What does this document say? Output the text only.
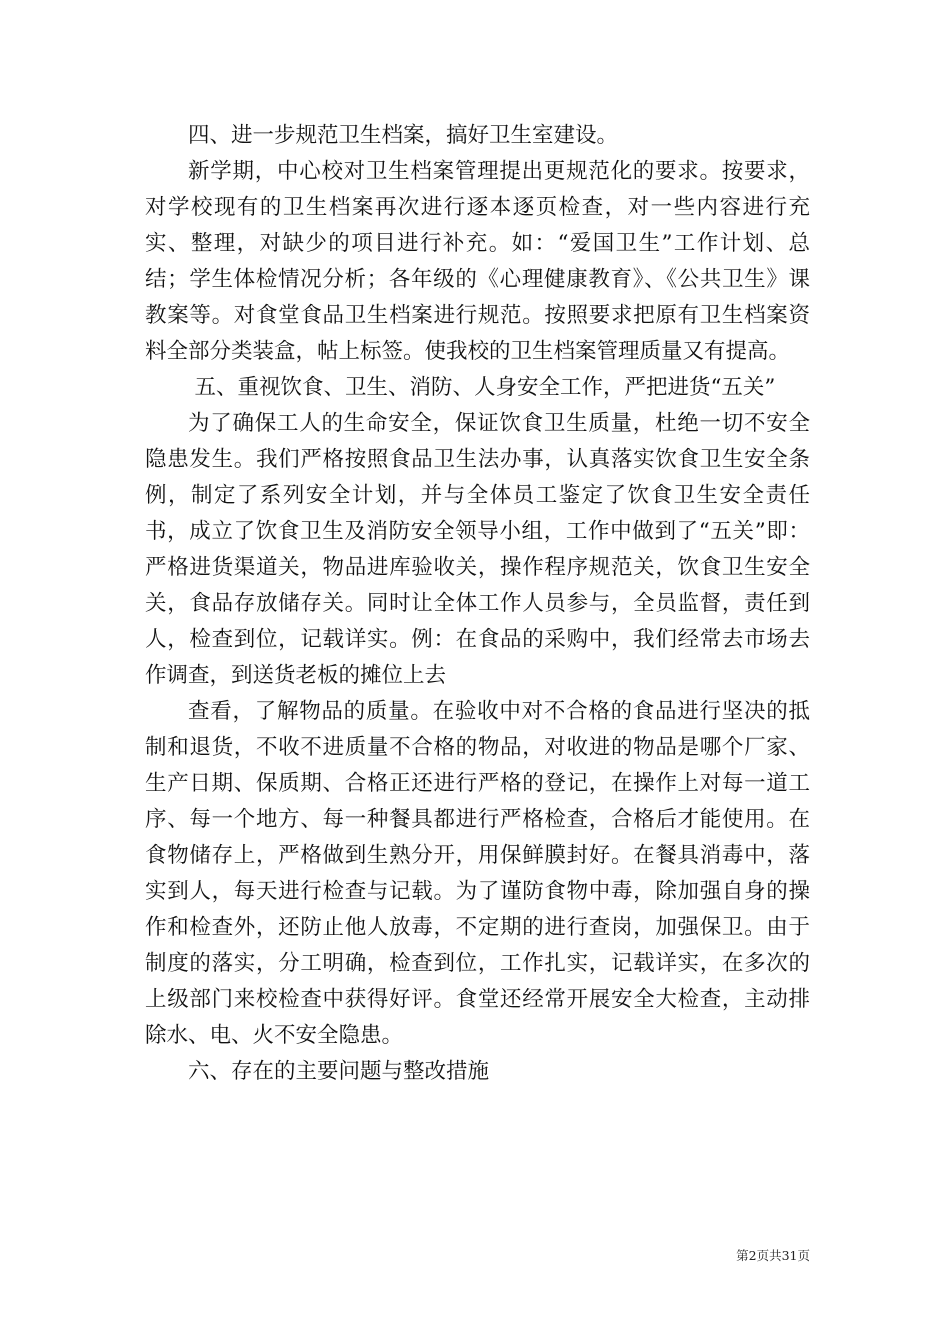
四、进一步规范卫生档案，搞好卫生室建设。

新学期，中心校对卫生档案管理提出更规范化的要求。按要求，对学校现有的卫生档案再次进行逐本逐页检查，对一些内容进行充实、整理，对缺少的项目进行补充。如：“爱国卫生”工作计划、总结；学生体检情况分析；各年级的《心理健康教育》、《公共卫生》课教案等。对食堂食品卫生档案进行规范。按照要求把原有卫生档案资料全部分类装盒，帖上标签。使我校的卫生档案管理质量又有提高。

五、重视饮食、卫生、消防、人身安全工作，严把进货“五关”

为了确保工人的生命安全，保证饮食卫生质量，杜绝一切不安全隐患发生。我们严格按照食品卫生法办事，认真落实饮食卫生安全条例，制定了系列安全计划，并与全体员工鉴定了饮食卫生安全责任书，成立了饮食卫生及消防安全领导小组，工作中做到了“五关”即：严格进货渠道关，物品进库验收关，操作程序规范关，饮食卫生安全关，食品存放储存关。同时让全体工作人员参与，全员监督，责任到人，检查到位，记载详实。例：在食品的采购中，我们经常去市场去作调查，到送货老板的摊位上去

查看，了解物品的质量。在验收中对不合格的食品进行坚决的抵制和退货，不收不进质量不合格的物品，对收进的物品是哪个厂家、生产日期、保质期、合格正还进行严格的登记，在操作上对每一道工序、每一个地方、每一种餐具都进行严格检查，合格后才能使用。在食物储存上，严格做到生熟分开，用保鲜膜封好。在餐具消毒中，落实到人，每天进行检查与记载。为了谨防食物中毒，除加强自身的操作和检查外，还防止他人放毒，不定期的进行查岗，加强保卫。由于制度的落实，分工明确，检查到位，工作扎实，记载详实，在多次的上级部门来校检查中获得好评。食堂还经常开展安全大检查，主动排除水、电、火不安全隐患。

六、存在的主要问题与整改措施

第2页共31页
